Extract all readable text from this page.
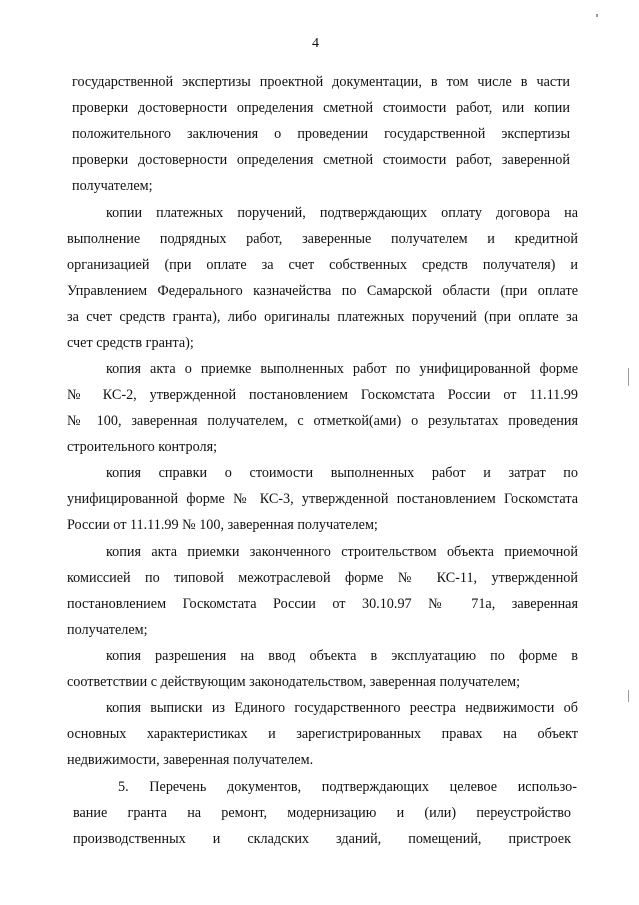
4
государственной экспертизы проектной документации, в том числе в части
проверки достоверности определения сметной стоимости работ, или копии
положительного заключения о проведении государственной экспертизы
проверки достоверности определения сметной стоимости работ, заверенной
получателем;
копии платежных поручений, подтверждающих оплату договора на
выполнение подрядных работ, заверенные получателем и кредитной
организацией (при оплате за счет собственных средств получателя) и
Управлением Федерального казначейства по Самарской области (при оплате
за счет средств гранта), либо оригиналы платежных поручений (при оплате за
счет средств гранта);
копия акта о приемке выполненных работ по унифицированной форме
№ КС-2, утвержденной постановлением Госкомстата России от 11.11.99
№ 100, заверенная получателем, с отметкой(ами) о результатах проведения
строительного контроля;
копия справки о стоимости выполненных работ и затрат по
унифицированной форме № КС-3, утвержденной постановлением Госкомстата
России от 11.11.99 № 100, заверенная получателем;
копия акта приемки законченного строительством объекта приемочной
комиссией по типовой межотраслевой форме № КС-11, утвержденной
постановлением Госкомстата России от 30.10.97 № 71а, заверенная
получателем;
копия разрешения на ввод объекта в эксплуатацию по форме в
соответствии с действующим законодательством, заверенная получателем;
копия выписки из Единого государственного реестра недвижимости об
основных характеристиках и зарегистрированных правах на объект
недвижимости, заверенная получателем.
5. Перечень документов, подтверждающих целевое использо-
вание гранта на ремонт, модернизацию и (или) переустройство
производственных и складских зданий, помещений, пристроек
